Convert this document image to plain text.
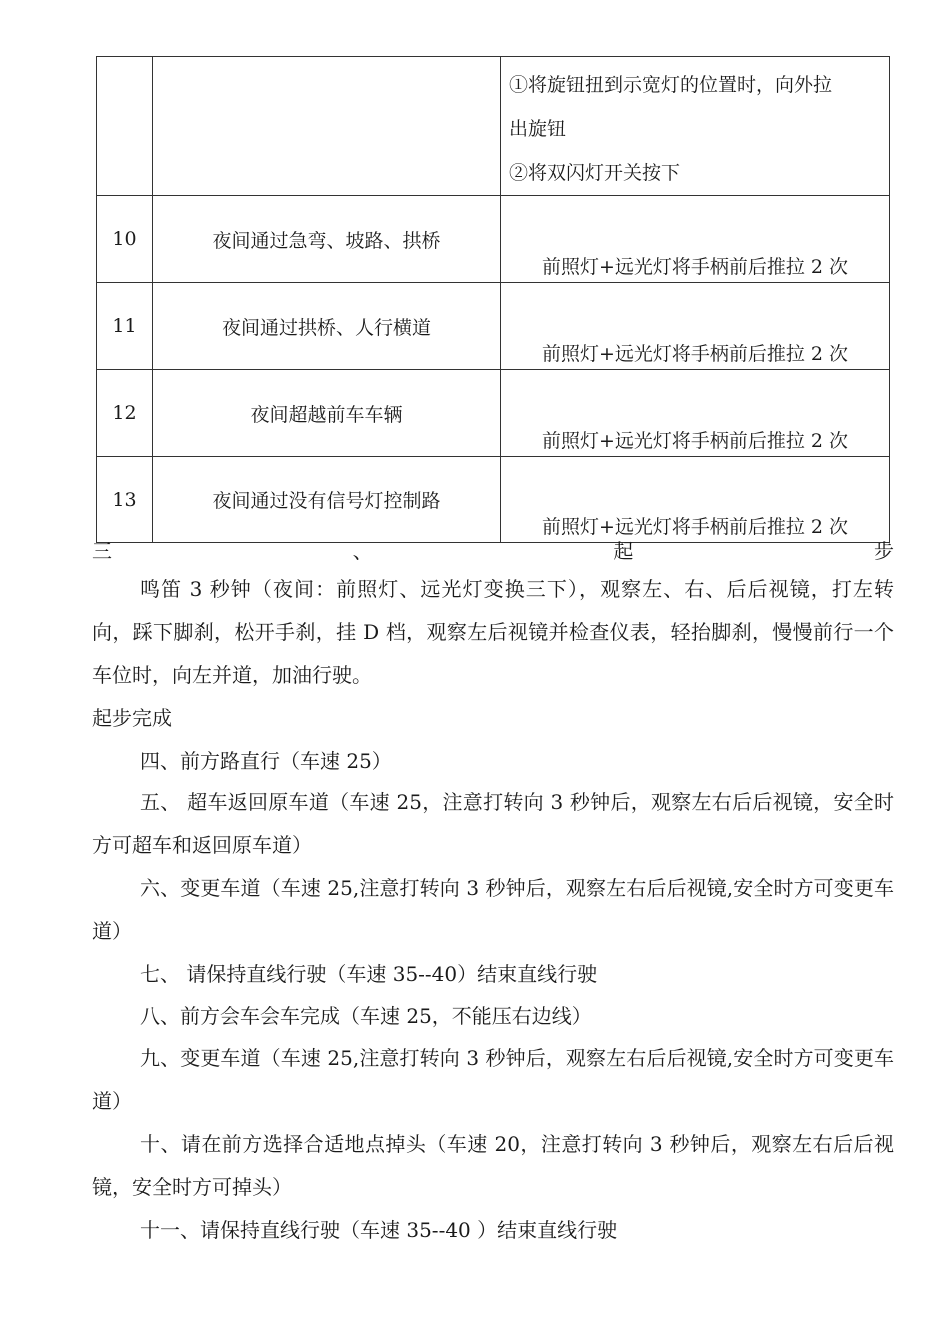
		①将旋钮扭到示宽灯的位置时，向外拉
出旋钮
②将双闪灯开关按下

10	夜间通过急弯、坡路、拱桥	前照灯+远光灯将手柄前后推拉 2 次
11	夜间通过拱桥、人行横道	前照灯+远光灯将手柄前后推拉 2 次
12	夜间超越前车车辆	前照灯+远光灯将手柄前后推拉 2 次
13	夜间通过没有信号灯控制路	前照灯+远光灯将手柄前后推拉 2 次
三	、	起	步

鸣笛 3 秒钟（夜间：前照灯、远光灯变换三下），观察左、右、后后视镜，打左转向，踩下脚刹，松开手刹，挂 D 档，观察左后视镜并检查仪表，轻抬脚刹，慢慢前行一个车位时，向左并道，加油行驶。

起步完成

四、前方路直行（车速 25）

五、 超车返回原车道（车速 25，注意打转向 3 秒钟后，观察左右后后视镜，安全时方可超车和返回原车道）

六、变更车道（车速 25,注意打转向 3 秒钟后，观察左右后后视镜,安全时方可变更车道）

七、 请保持直线行驶（车速 35--40）结束直线行驶

八、前方会车会车完成（车速 25，不能压右边线）

九、变更车道（车速 25,注意打转向 3 秒钟后，观察左右后后视镜,安全时方可变更车道）

十、请在前方选择合适地点掉头（车速 20，注意打转向 3 秒钟后，观察左右后后视镜，安全时方可掉头）

十一、请保持直线行驶（车速 35--40 ）结束直线行驶
